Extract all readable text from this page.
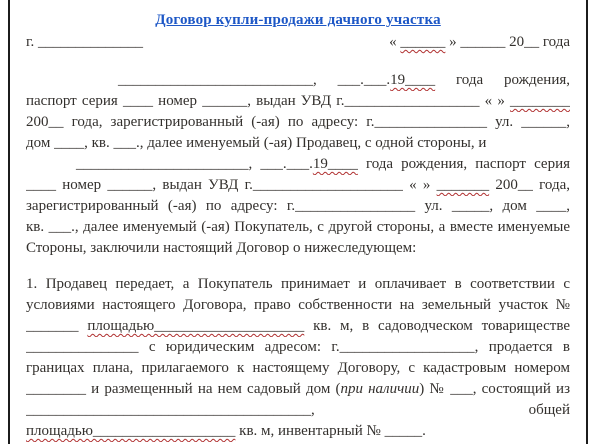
Договор купли-продажи дачного участка
г. ______________	« ______ » ______ 20__ года
__________________________, ___.___.19____ года рождения,
паспорт серия ____ номер ______, выдан УВД г.__________________ « » ________
200__ года, зарегистрированный (-ая) по адресу: г._______________ ул. ______,
дом ____, кв. ___., далее именуемый (-ая) Продавец, с одной стороны, и
_______________________, ___.___.19____ года рождения, паспорт серия
____ номер ______, выдан УВД г.____________________ « » _______ 200__ года,
зарегистрированный (-ая) по адресу: г.________________ ул. _____, дом ____,
кв. ___., далее именуемый (-ая) Покупатель, с другой стороны, а вместе именуемые
Стороны, заключили настоящий Договор о нижеследующем:
1. Продавец передает, а Покупатель принимает и оплачивает в соответствии с
условиями настоящего Договора, право собственности на земельный участок №
_______ площадью____________________ кв. м, в садоводческом товариществе
_______________ с юридическим адресом: г.__________________, продается в
границах плана, прилагаемого к настоящему Договору, с кадастровым номером
________ и размещенный на нем садовый дом (при наличии) № ___, состоящий из
______________________________________, общей
площадью___________________ кв. м, инвентарный № _____.
